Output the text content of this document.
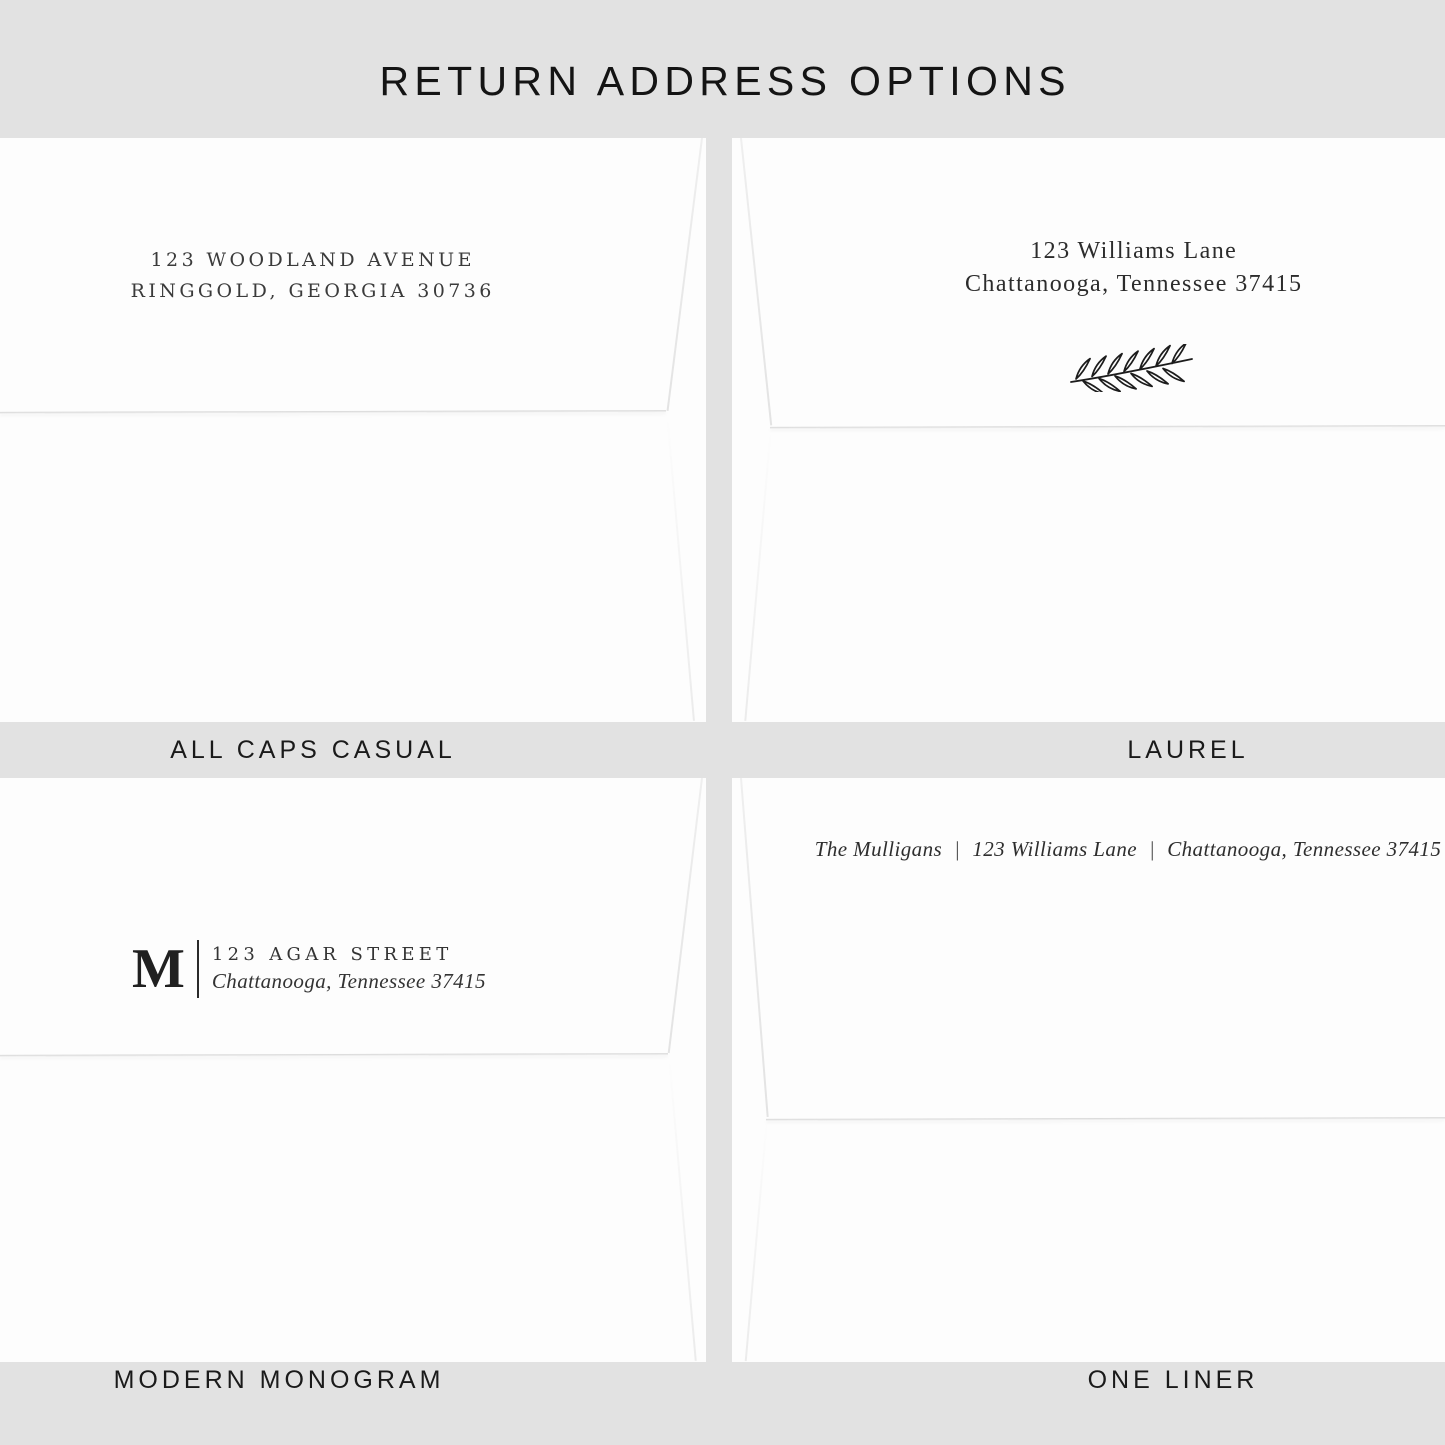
RETURN ADDRESS OPTIONS
123 WOODLAND AVENUE
RINGGOLD, GEORGIA 30736
123 Williams Lane
Chattanooga, Tennessee 37415
M 123 AGAR STREET
Chattanooga, Tennessee 37415
The Mulligans | 123 Williams Lane | Chattanooga, Tennessee 37415
ALL CAPS CASUAL	LAUREL
MODERN MONOGRAM	ONE LINER
